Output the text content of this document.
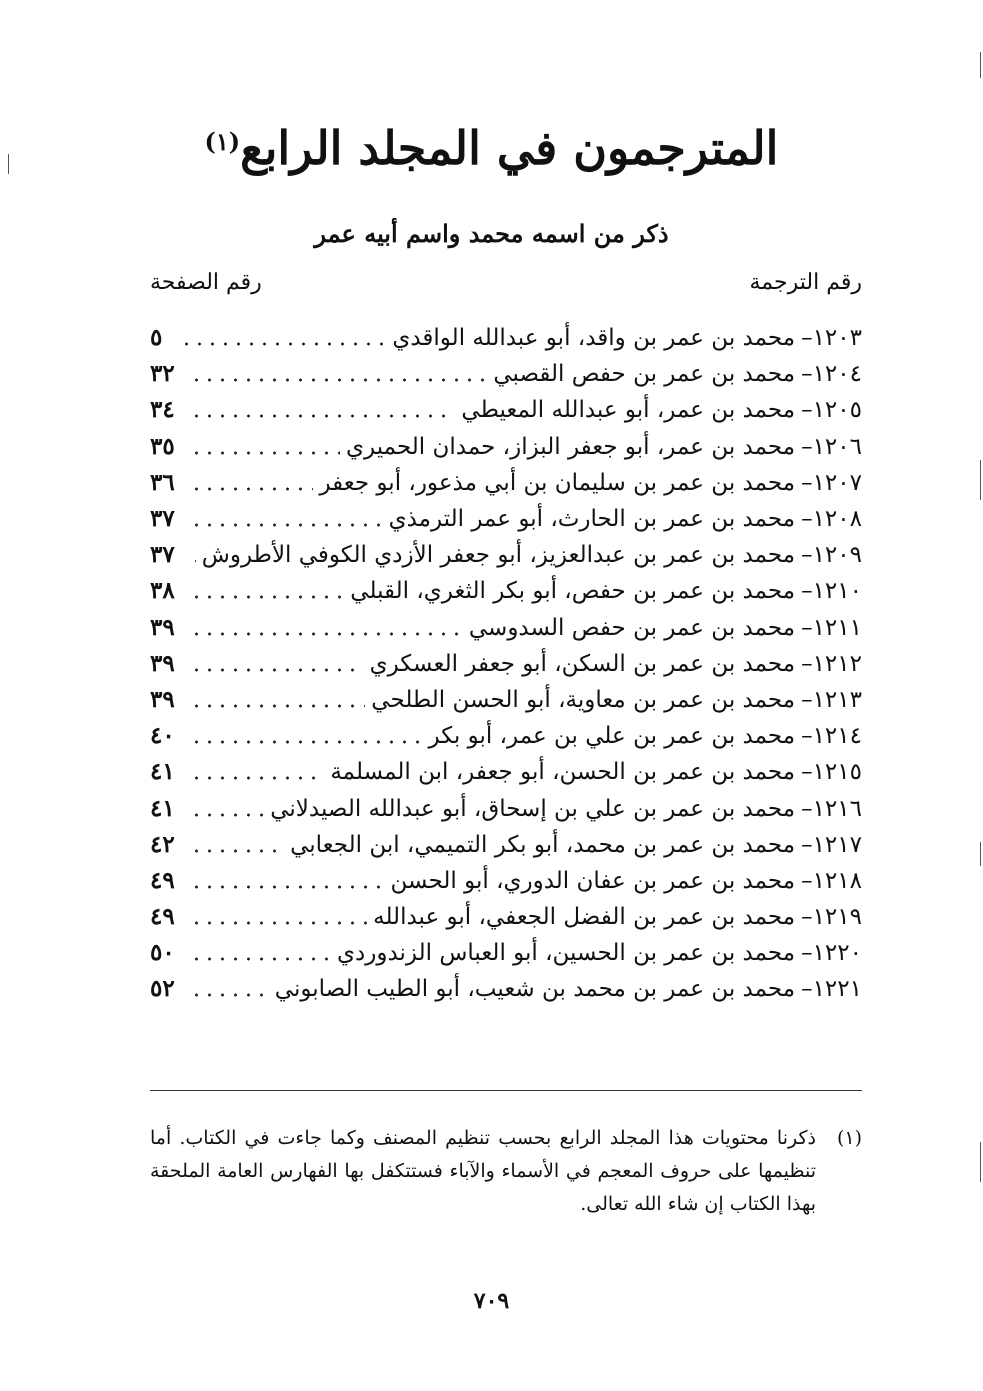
المترجمون في المجلد الرابع$^{(١)}$
ذكر من اسمه محمد واسم أبيه عمر
رقم الترجمة
رقم الصفحة
١٢٠٣
–
محمد بن عمر بن واقد، أبو عبدالله الواقدي
٥
١٢٠٤
–
محمد بن عمر بن حفص القصبي
٣٢
١٢٠٥
–
محمد بن عمر، أبو عبدالله المعيطي
٣٤
١٢٠٦
–
محمد بن عمر، أبو جعفر البزاز، حمدان الحميري
٣٥
١٢٠٧
–
محمد بن عمر بن سليمان بن أبي مذعور، أبو جعفر
٣٦
١٢٠٨
–
محمد بن عمر بن الحارث، أبو عمر الترمذي
٣٧
١٢٠٩
–
محمد بن عمر بن عبدالعزيز، أبو جعفر الأزدي الكوفي الأطروش
٣٧
١٢١٠
–
محمد بن عمر بن حفص، أبو بكر الثغري، القبلي
٣٨
١٢١١
–
محمد بن عمر بن حفص السدوسي
٣٩
١٢١٢
–
محمد بن عمر بن السكن، أبو جعفر العسكري
٣٩
١٢١٣
–
محمد بن عمر بن معاوية، أبو الحسن الطلحي
٣٩
١٢١٤
–
محمد بن عمر بن علي بن عمر، أبو بكر
٤٠
١٢١٥
–
محمد بن عمر بن الحسن، أبو جعفر، ابن المسلمة
٤١
١٢١٦
–
محمد بن عمر بن علي بن إسحاق، أبو عبدالله الصيدلاني
٤١
١٢١٧
–
محمد بن عمر بن محمد، أبو بكر التميمي، ابن الجعابي
٤٢
١٢١٨
–
محمد بن عمر بن عفان الدوري، أبو الحسن
٤٩
١٢١٩
–
محمد بن عمر بن الفضل الجعفي، أبو عبدالله
٤٩
١٢٢٠
–
محمد بن عمر بن الحسين، أبو العباس الزندوردي
٥٠
١٢٢١
–
محمد بن عمر بن محمد بن شعيب، أبو الطيب الصابوني
٥٢
(١)
ذكرنا محتويات هذا المجلد الرابع بحسب تنظيم المصنف وكما جاءت في الكتاب. أما تنظيمها على حروف المعجم في الأسماء والآباء فستتكفل بها الفهارس العامة الملحقة بهذا الكتاب إن شاء الله تعالى.
٧٠٩
